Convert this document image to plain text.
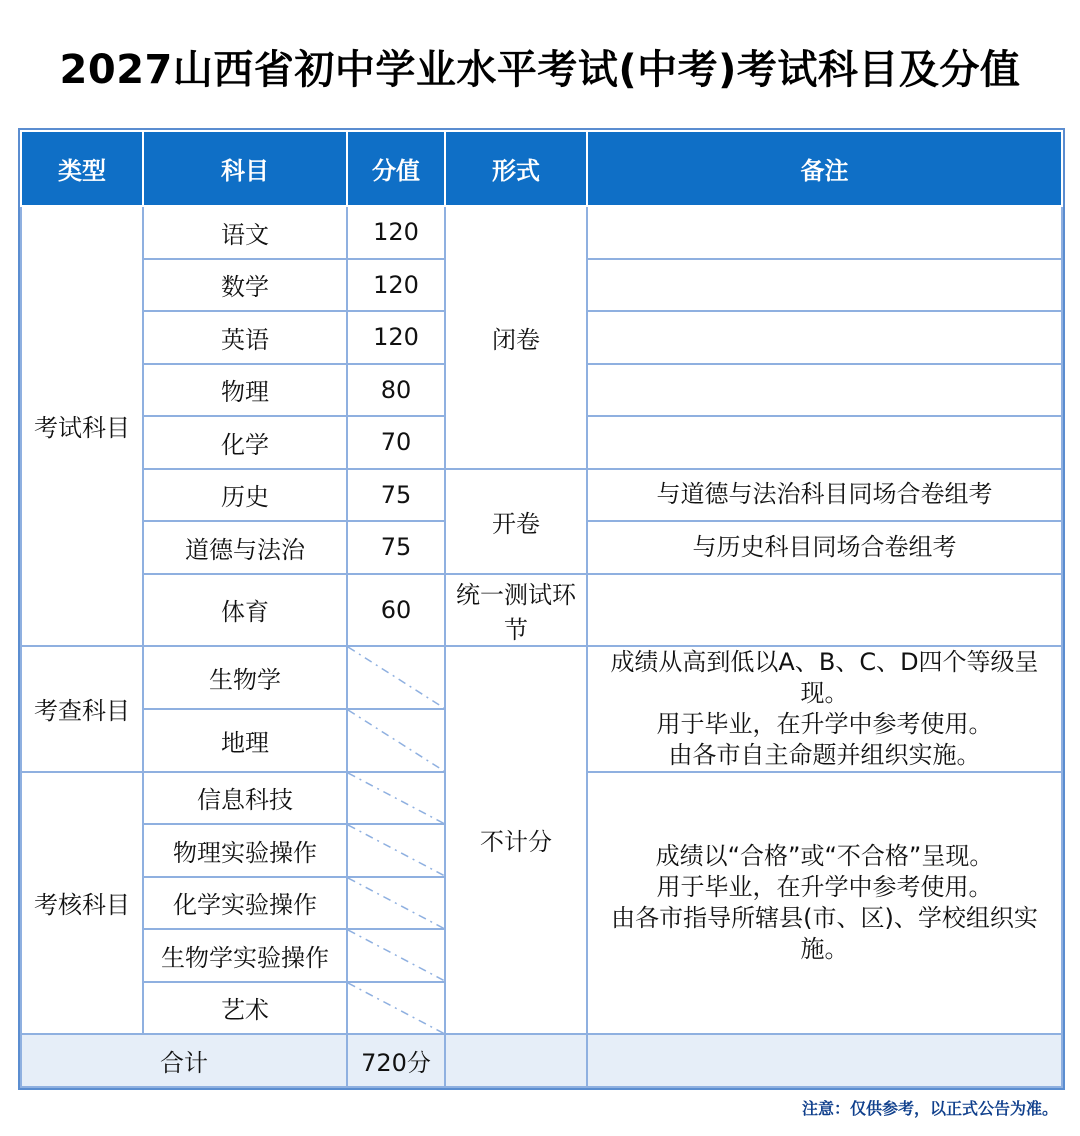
2027山西省初中学业水平考试(中考)考试科目及分值
类型	科目	分值	形式	备注
考试科目	语文	120	闭卷	
	数学	120		
	英语	120		
	物理	80		
	化学	70		
	历史	75	开卷	与道德与法治科目同场合卷组考
	道德与法治	75		与历史科目同场合卷组考
	体育	60	统一测试环节	
考查科目	生物学		不计分	成绩从高到低以A、B、C、D四个等级呈现。
用于毕业，在升学中参考使用。
由各市自主命题并组织实施。

	地理	

考核科目	信息科技			成绩以“合格”或“不合格”呈现。
用于毕业，在升学中参考使用。
由各市指导所辖县(市、区)、学校组织实施。

	物理实验操作	

	化学实验操作	

	生物学实验操作	

	艺术	

合计		720分		
注意：仅供参考，以正式公告为准。
